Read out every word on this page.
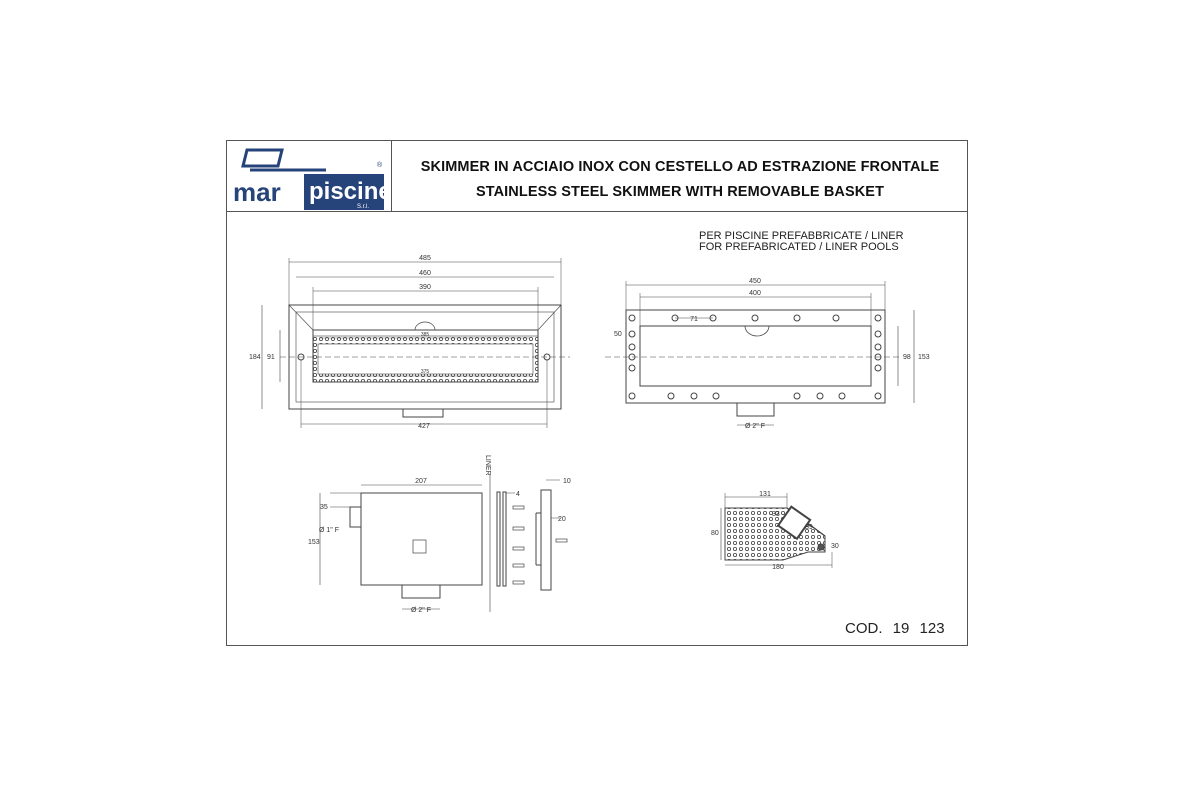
SKIMMER IN ACCIAIO INOX CON CESTELLO AD ESTRAZIONE FRONTALE
STAINLESS STEEL SKIMMER WITH REMOVABLE BASKET
PER PISCINE PREFABBRICATE / LINER
FOR PREFABRICATED / LINER POOLS
COD. 19 123
mar piscine
S.r.l.
®
485
460
390
385
375
184 91
427
450
400
71
50
98 153
Ø 2" F
207
35
Ø 1" F
153
4
10
20
Ø 2" F
LINER
131
80
180
33
89
30
